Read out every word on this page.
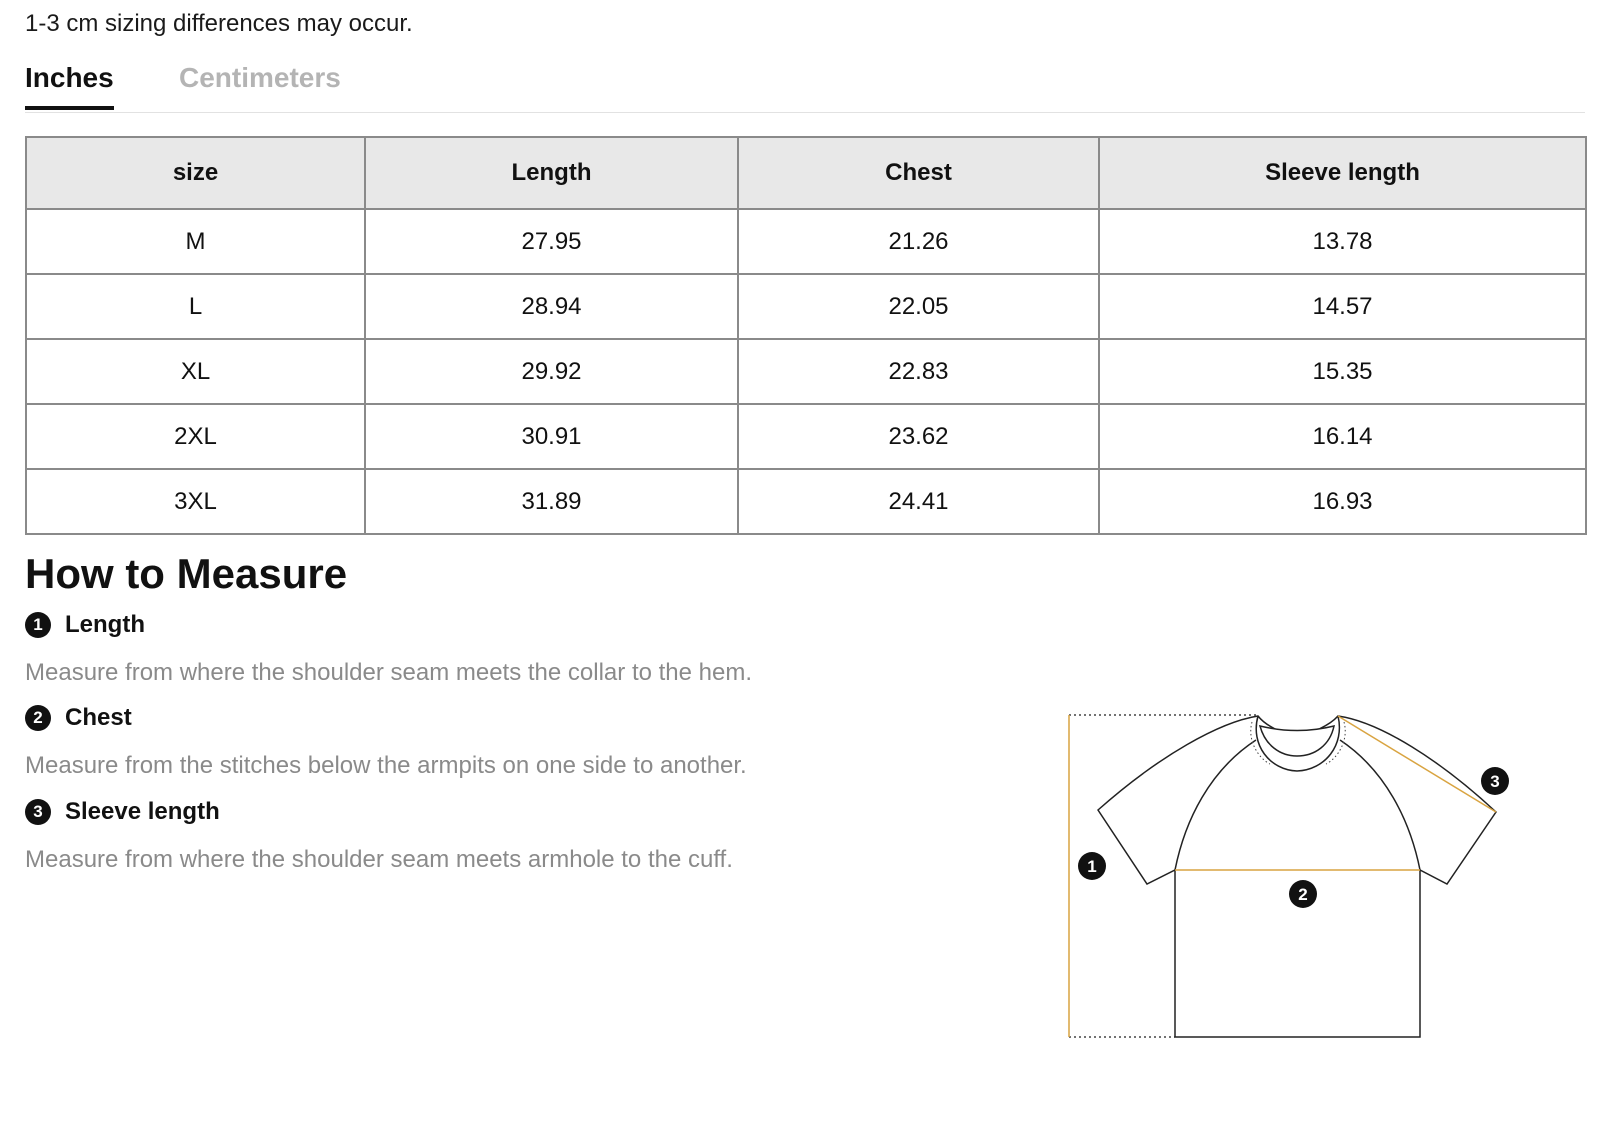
1-3 cm sizing differences may occur.
Inches Centimeters
size	Length	Chest	Sleeve length
M	27.95	21.26	13.78
L	28.94	22.05	14.57
XL	29.92	22.83	15.35
2XL	30.91	23.62	16.14
3XL	31.89	24.41	16.93
How to Measure
1 Length
Measure from where the shoulder seam meets the collar to the hem.
2 Chest
Measure from the stitches below the armpits on one side to another.
3 Sleeve length
Measure from where the shoulder seam meets armhole to the cuff.	1
2
3
